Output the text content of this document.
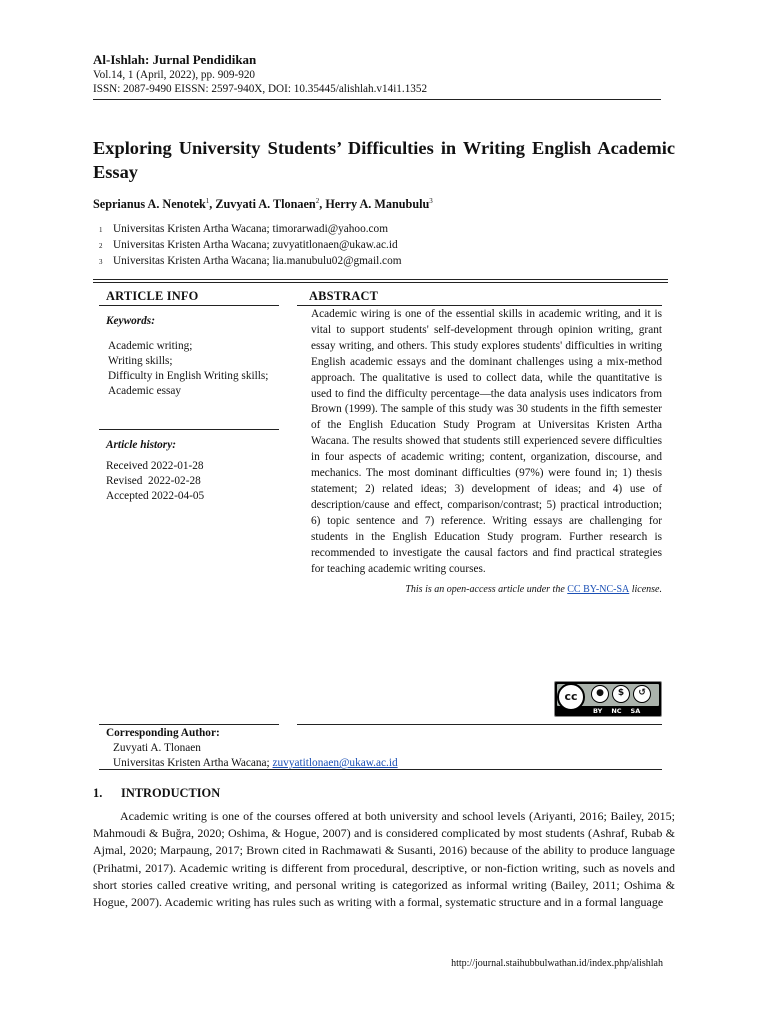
Al-Ishlah: Jurnal Pendidikan
Vol.14, 1 (April, 2022), pp. 909-920
ISSN: 2087-9490 EISSN: 2597-940X, DOI: 10.35445/alishlah.v14i1.1352
Exploring University Students’ Difficulties in Writing English Academic Essay
Seprianus A. Nenotek$^1$, Zuvyati A. Tlonaen$^2$, Herry A. Manubulu$^3$
1 Universitas Kristen Artha Wacana; timorarwadi@yahoo.com
2 Universitas Kristen Artha Wacana; zuvyatitlonaen@ukaw.ac.id
3 Universitas Kristen Artha Wacana; lia.manubulu02@gmail.com
ARTICLE INFO
Keywords:
Academic writing;
Writing skills;
Difficulty in English Writing skills;
Academic essay
Article history:
Received 2022-01-28
Revised  2022-02-28
Accepted 2022-04-05
ABSTRACT
Academic wiring is one of the essential skills in academic writing, and it is vital to support students' self-development through opinion writing, grant essay writing, and others. This study explores students' difficulties in writing English academic essays and the dominant challenges using a mix-method approach. The qualitative is used to collect data, while the quantitative is used to find the difficulty percentage—the data analysis uses indicators from Brown (1999). The sample of this study was 30 students in the fifth semester of the English Education Study Program at Universitas Kristen Artha Wacana. The results showed that students still experienced severe difficulties in four aspects of academic writing; content, organization, discourse, and mechanics. The most dominant difficulties (97%) were found in; 1) thesis statement; 2) related ideas; 3) development of ideas; and 4) use of description/cause and effect, comparison/contrast; 5) practical introduction; 6) topic sentence and 7) reference. Writing essays are challenging for students in the English Education Study program. Further research is recommended to investigate the causal factors and find practical strategies for teaching academic writing courses.
This is an open-access article under the CC BY-NC-SA license.
cc	●	$	↺
BY NC SA
Corresponding Author:
Zuvyati A. Tlonaen
Universitas Kristen Artha Wacana; zuvyatitlonaen@ukaw.ac.id
1. INTRODUCTION
Academic writing is one of the courses offered at both university and school levels (Ariyanti, 2016; Bailey, 2015; Mahmoudi & Buğra, 2020; Oshima, & Hogue, 2007) and is considered complicated by most students (Ashraf, Rubab & Ajmal, 2020; Marpaung, 2017; Brown cited in Rachmawati & Susanti, 2016) because of the ability to produce language (Prihatmi, 2017). Academic writing is different from procedural, descriptive, or non-fiction writing, such as novels and short stories called creative writing, and personal writing is categorized as informal writing (Bailey, 2011; Oshima & Hogue, 2007). Academic writing has rules such as writing with a formal, systematic structure and in a formal language
http://journal.staihubbulwathan.id/index.php/alishlah
